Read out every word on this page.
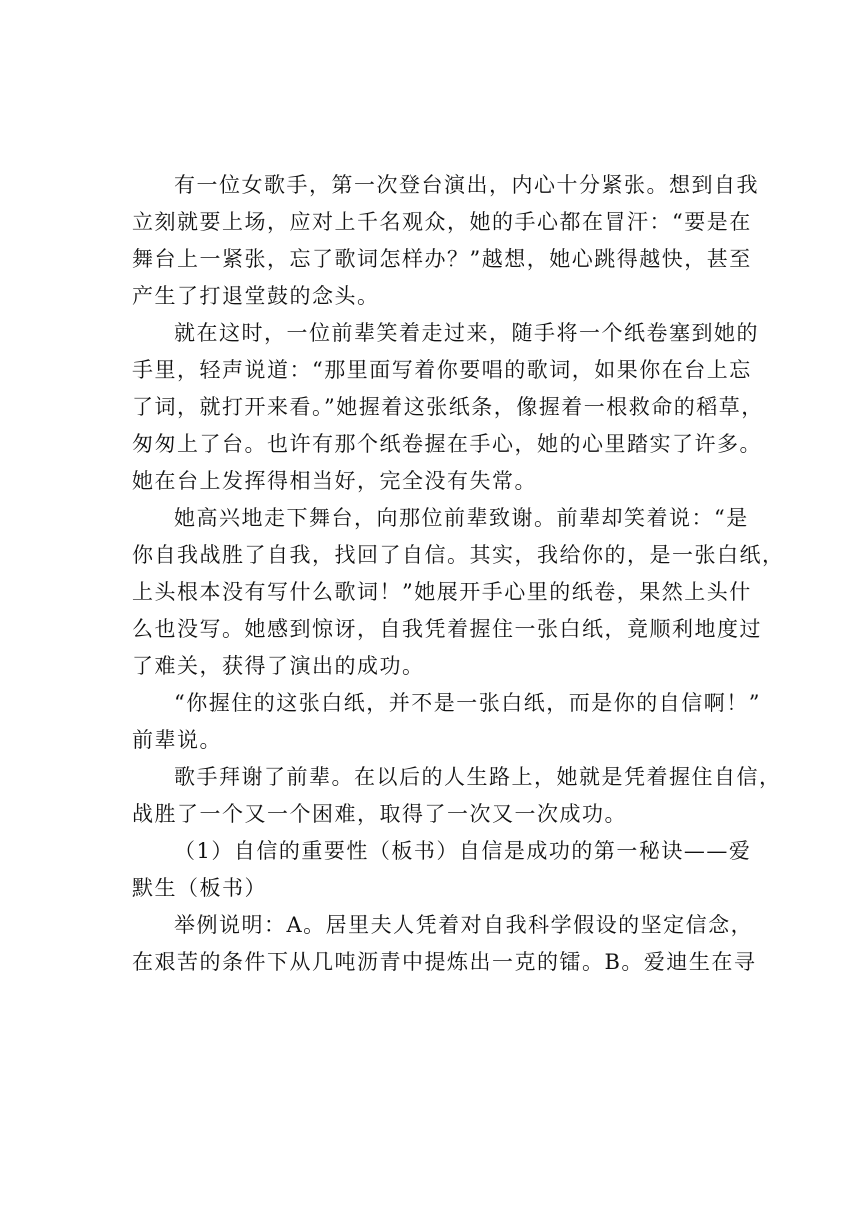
有一位女歌手，第一次登台演出，内心十分紧张。想到自我
立刻就要上场，应对上千名观众，她的手心都在冒汗：“要是在
舞台上一紧张，忘了歌词怎样办？”越想，她心跳得越快，甚至
产生了打退堂鼓的念头。
就在这时，一位前辈笑着走过来，随手将一个纸卷塞到她的
手里，轻声说道：“那里面写着你要唱的歌词，如果你在台上忘
了词，就打开来看。”她握着这张纸条，像握着一根救命的稻草，
匆匆上了台。也许有那个纸卷握在手心，她的心里踏实了许多。
她在台上发挥得相当好，完全没有失常。
她高兴地走下舞台，向那位前辈致谢。前辈却笑着说：“是
你自我战胜了自我，找回了自信。其实，我给你的，是一张白纸，
上头根本没有写什么歌词！”她展开手心里的纸卷，果然上头什
么也没写。她感到惊讶，自我凭着握住一张白纸，竟顺利地度过
了难关，获得了演出的成功。
“你握住的这张白纸，并不是一张白纸，而是你的自信啊！”
前辈说。
歌手拜谢了前辈。在以后的人生路上，她就是凭着握住自信，
战胜了一个又一个困难，取得了一次又一次成功。
（1）自信的重要性（板书）自信是成功的第一秘诀——爱
默生（板书）
举例说明：A。居里夫人凭着对自我科学假设的坚定信念，
在艰苦的条件下从几吨沥青中提炼出一克的镭。B。爱迪生在寻
